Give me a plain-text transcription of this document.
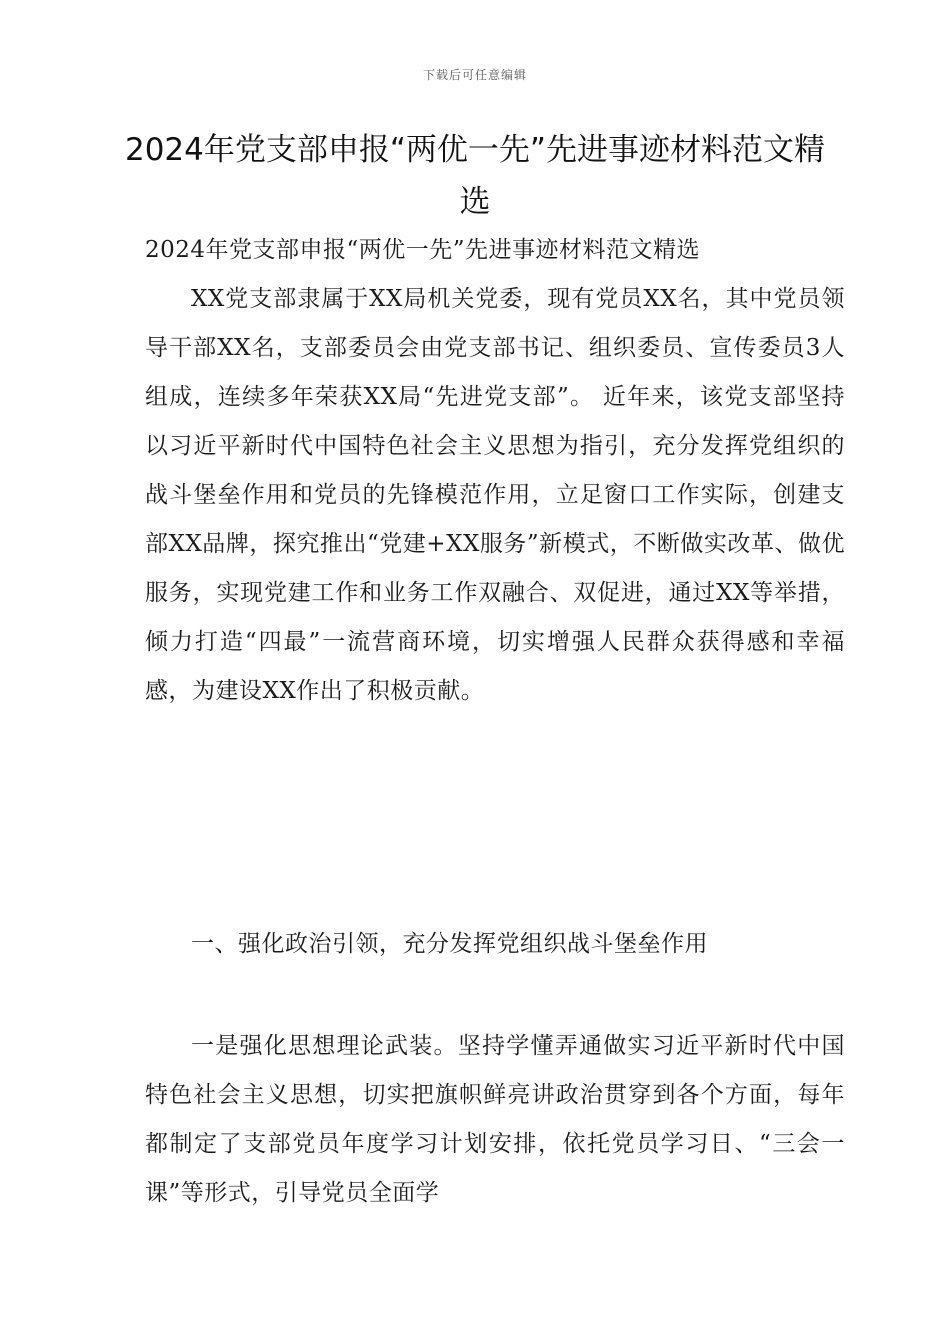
下载后可任意编辑
2024年党支部申报“两优一先”先进事迹材料范文精选

2024年党支部申报“两优一先”先进事迹材料范文精选

XX党支部隶属于XX局机关党委，现有党员XX名，其中党员领导干部XX名，支部委员会由党支部书记、组织委员、宣传委员3人组成，连续多年荣获XX局“先进党支部”。 近年来，该党支部坚持以习近平新时代中国特色社会主义思想为指引，充分发挥党组织的战斗堡垒作用和党员的先锋模范作用，立足窗口工作实际，创建支部XX品牌，探究推出“党建+XX服务”新模式，不断做实改革、做优服务，实现党建工作和业务工作双融合、双促进，通过XX等举措，倾力打造“四最”一流营商环境，切实增强人民群众获得感和幸福感，为建设XX作出了积极贡献。

一、强化政治引领，充分发挥党组织战斗堡垒作用

一是强化思想理论武装。坚持学懂弄通做实习近平新时代中国特色社会主义思想，切实把旗帜鲜亮讲政治贯穿到各个方面，每年都制定了支部党员年度学习计划安排，依托党员学习日、“三会一课”等形式，引导党员全面学
